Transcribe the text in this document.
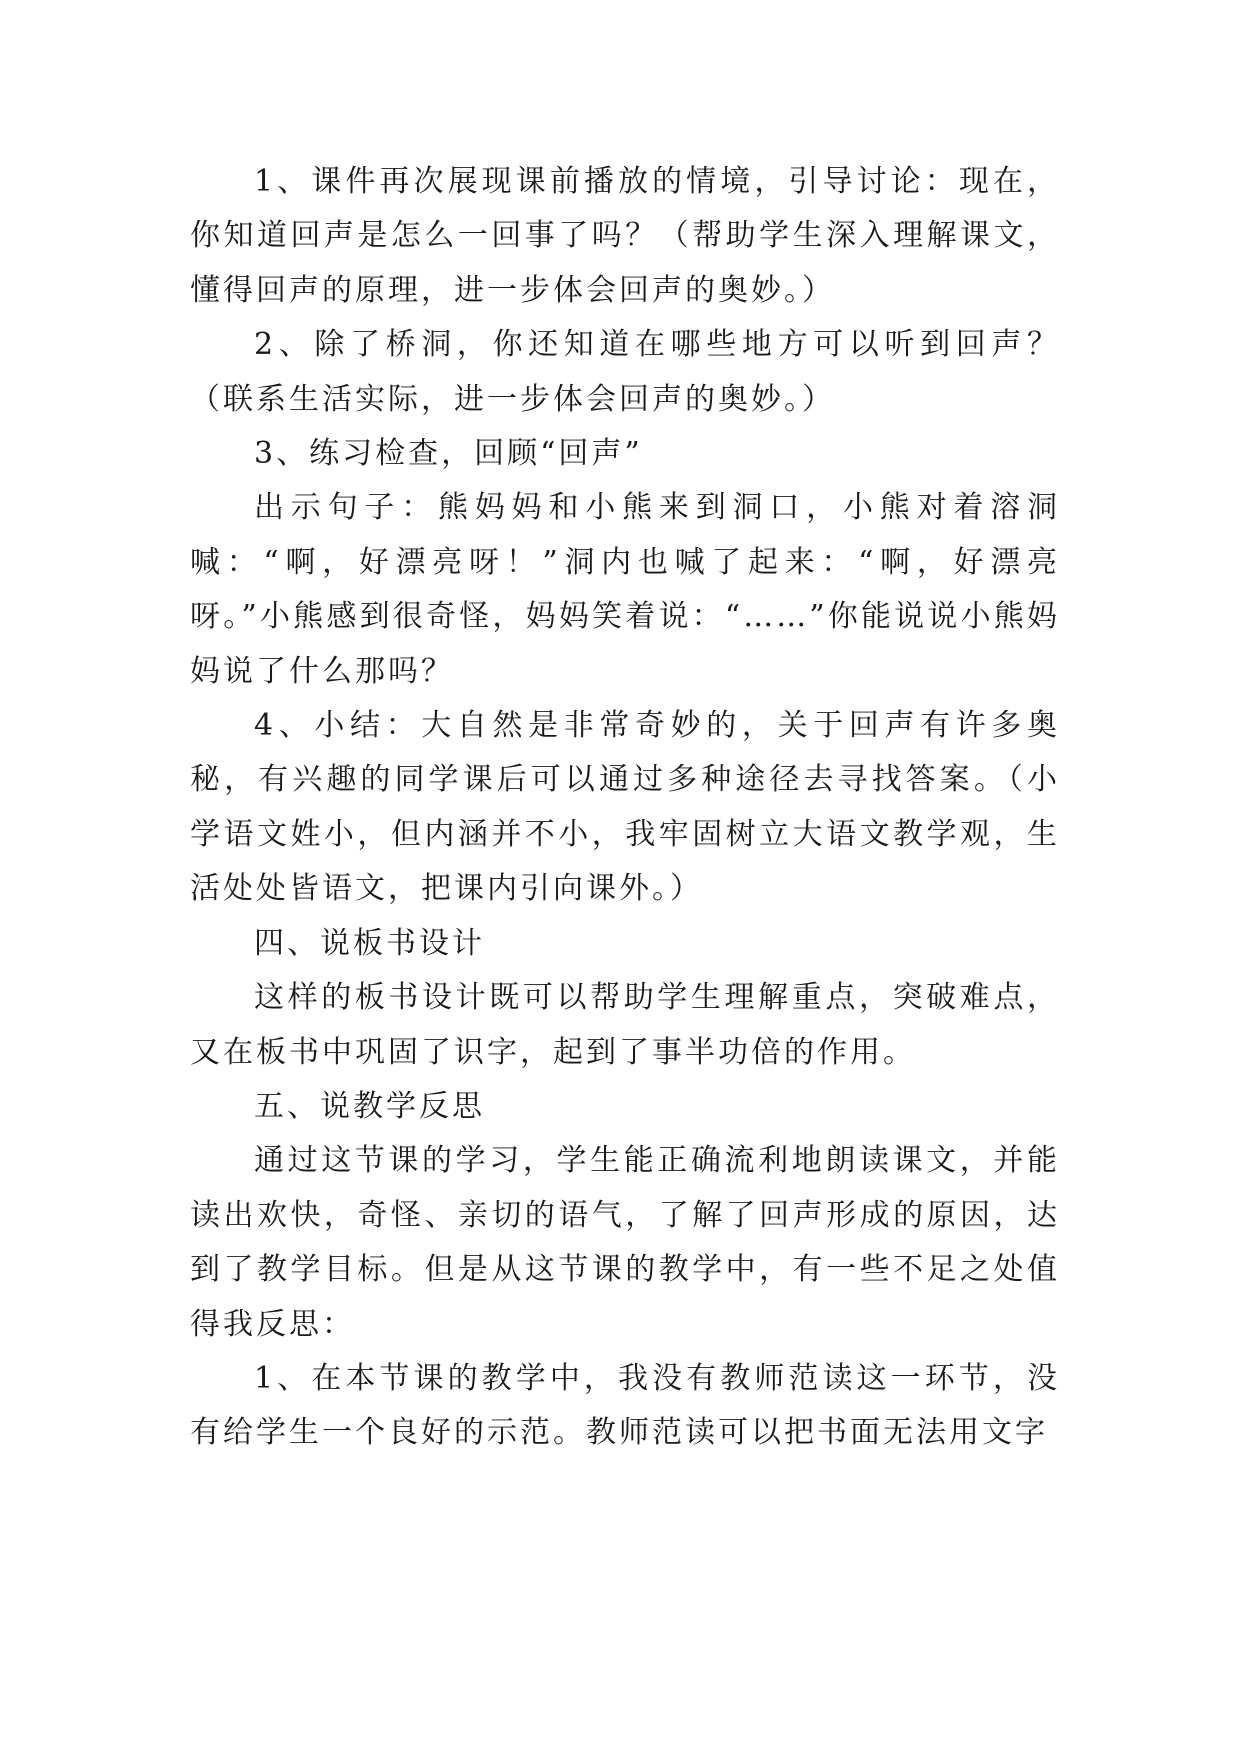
1、课件再次展现课前播放的情境，引导讨论：现在，你知道回声是怎么一回事了吗？（帮助学生深入理解课文，懂得回声的原理，进一步体会回声的奥妙。）

2、除了桥洞，你还知道在哪些地方可以听到回声？（联系生活实际，进一步体会回声的奥妙。）

3、练习检查，回顾“回声”

出示句子：熊妈妈和小熊来到洞口，小熊对着溶洞喊：“啊，好漂亮呀！”洞内也喊了起来：“啊，好漂亮呀。”小熊感到很奇怪，妈妈笑着说：“……”你能说说小熊妈妈说了什么那吗？

4、小结：大自然是非常奇妙的，关于回声有许多奥秘，有兴趣的同学课后可以通过多种途径去寻找答案。（小学语文姓小，但内涵并不小，我牢固树立大语文教学观，生活处处皆语文，把课内引向课外。）

四、说板书设计

这样的板书设计既可以帮助学生理解重点，突破难点，又在板书中巩固了识字，起到了事半功倍的作用。

五、说教学反思

通过这节课的学习，学生能正确流利地朗读课文，并能读出欢快，奇怪、亲切的语气，了解了回声形成的原因，达到了教学目标。但是从这节课的教学中，有一些不足之处值得我反思：

1、在本节课的教学中，我没有教师范读这一环节，没有给学生一个良好的示范。教师范读可以把书面无法用文字
